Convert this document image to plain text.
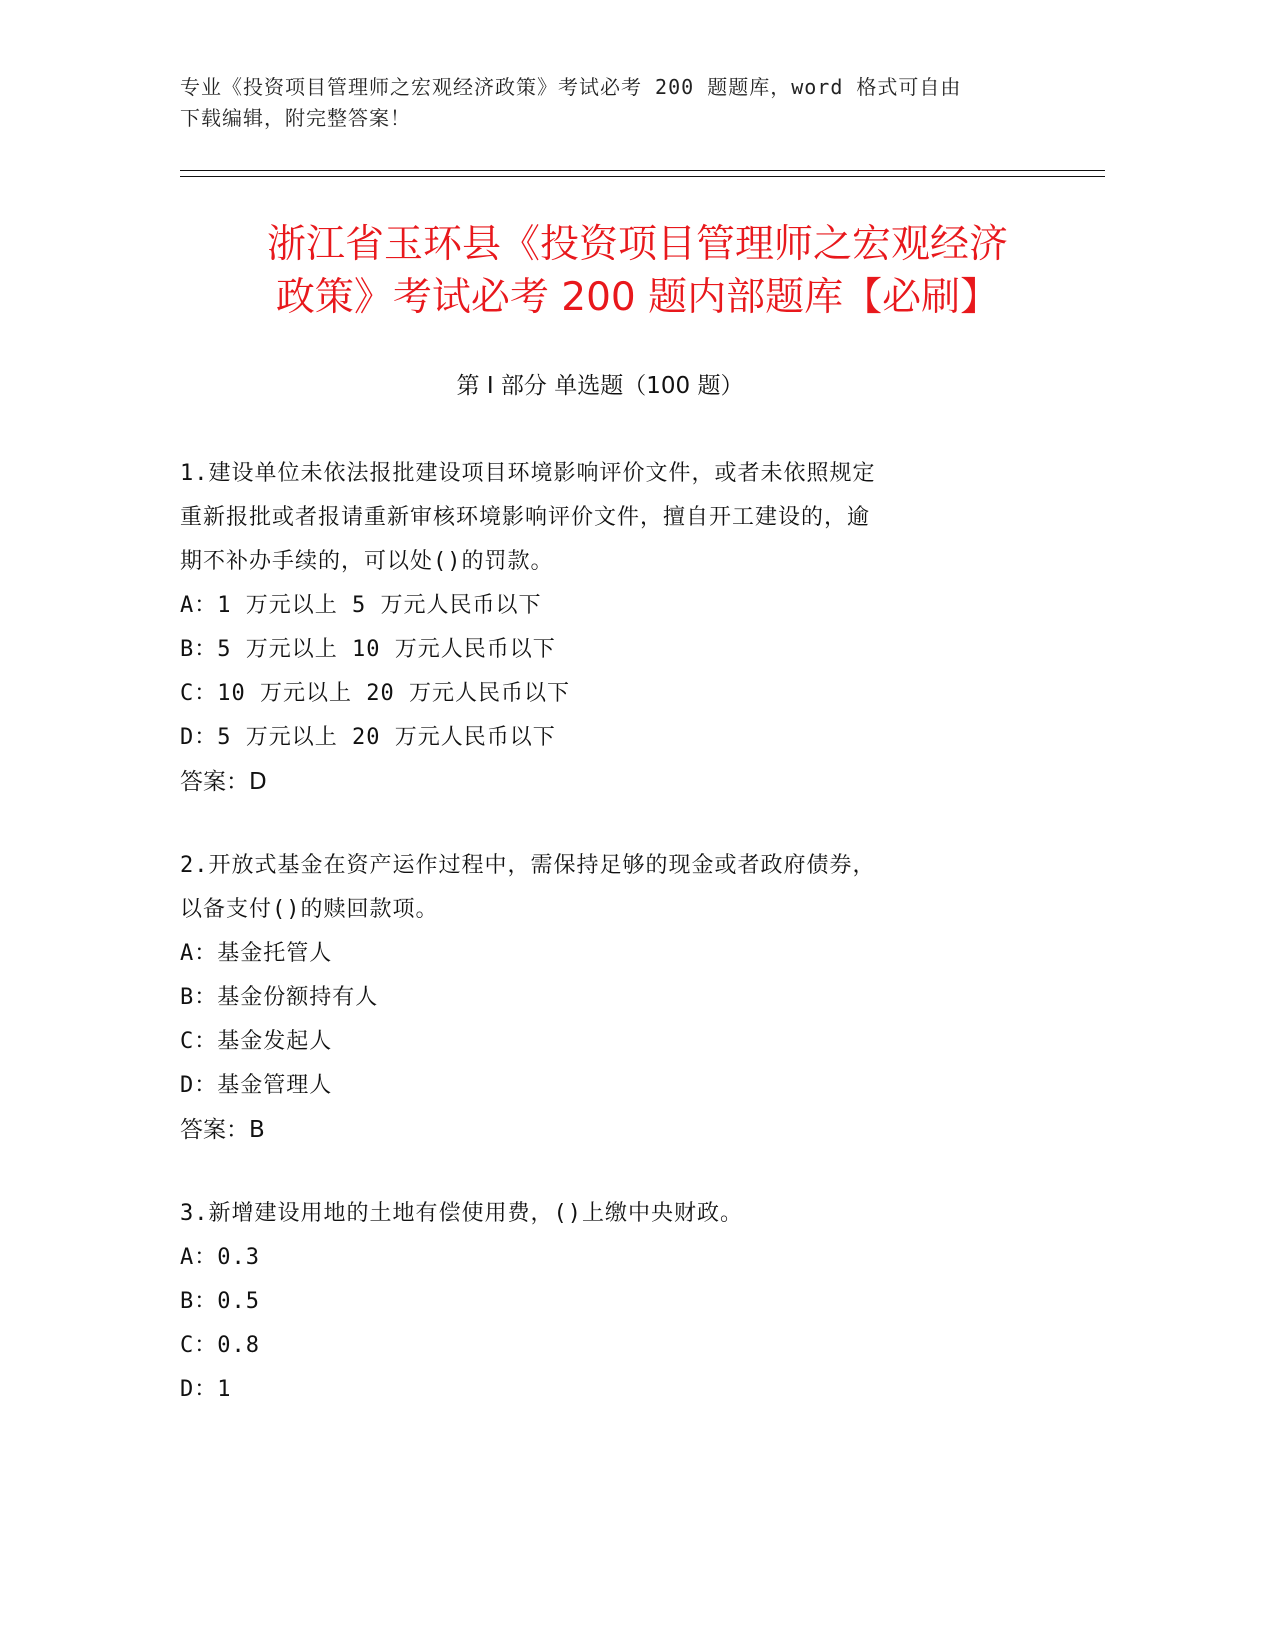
专业《投资项目管理师之宏观经济政策》考试必考 200 题题库，word 格式可自由
下载编辑，附完整答案！
浙江省玉环县《投资项目管理师之宏观经济
政策》考试必考 200 题内部题库【必刷】
第 I 部分 单选题（100 题）

1.建设单位未依法报批建设项目环境影响评价文件，或者未依照规定

重新报批或者报请重新审核环境影响评价文件，擅自开工建设的，逾

期不补办手续的，可以处()的罚款。

A：1 万元以上 5 万元人民币以下

B：5 万元以上 10 万元人民币以下

C：10 万元以上 20 万元人民币以下

D：5 万元以上 20 万元人民币以下

答案：D

2.开放式基金在资产运作过程中，需保持足够的现金或者政府债券，

以备支付()的赎回款项。

A：基金托管人

B：基金份额持有人

C：基金发起人

D：基金管理人

答案：B

3.新增建设用地的土地有偿使用费，()上缴中央财政。

A：0.3

B：0.5

C：0.8

D：1
